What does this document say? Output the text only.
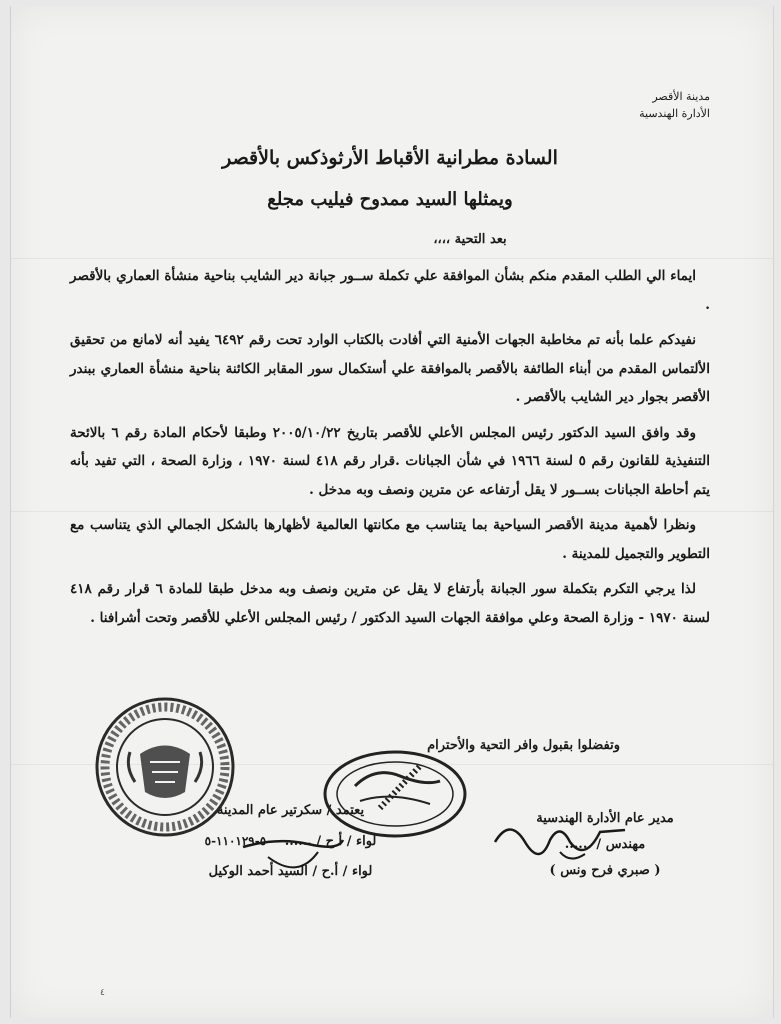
مدينة الأقصر
الأدارة الهندسية
السادة مطرانية الأقباط الأرثوذكس بالأقصر
ويمثلها السيد ممدوح فيليب مجلع
بعد التحية ،،،،

ايماء الي الطلب المقدم منكم بشأن الموافقة علي تكملة ســور جبانة دير الشايب بناحية منشأة العماري بالأقصر .

نفيدكم علما بأنه تم مخاطبة الجهات الأمنية التي أفادت بالكتاب الوارد تحت رقم ٦٤٩٢ يفيد أنه لامانع من تحقيق الألتماس المقدم من أبناء الطائفة بالأقصر بالموافقة علي أستكمال سور المقابر الكائنة بناحية منشأة العماري ببندر الأقصر بجوار دير الشايب بالأقصر .

وقد وافق السيد الدكتور رئيس المجلس الأعلي للأقصر بتاريخ ٢٠٠٥/١٠/٢٢ وطبقا لأحكام المادة رقم ٦ بالائحة التنفيذية للقانون رقم ٥ لسنة ١٩٦٦ في شأن الجبانات .قرار رقم ٤١٨ لسنة ١٩٧٠ ، وزارة الصحة ، التي تفيد بأنه يتم أحاطة الجبانات بســور لا يقل أرتفاعه عن مترين ونصف وبه مدخل .

ونظرا لأهمية مدينة الأقصر السياحية بما يتناسب مع مكانتها العالمية لأظهارها بالشكل الجمالي الذي يتناسب مع التطوير والتجميل للمدينة .

لذا يرجي التكرم بتكملة سور الجبانة بأرتفاع لا يقل عن مترين ونصف وبه مدخل طبقا للمادة ٦ قرار رقم ٤١٨ لسنة ١٩٧٠ - وزارة الصحة وعلي موافقة الجهات السيد الدكتور / رئيس المجلس الأعلي للأقصر وتحت أشرافنا .

وتفضلوا بقبول وافر التحية والأحترام
مدير عام الأدارة الهندسية
مهندس / ......
( صبري فرح ونس )
يعتمد / سكرتير عام المدينة
لواء / أ ح / ...... ٥-١١٠١٢٩-٥
لواء / أ.ح / السيد أحمد الوكيل
٤
